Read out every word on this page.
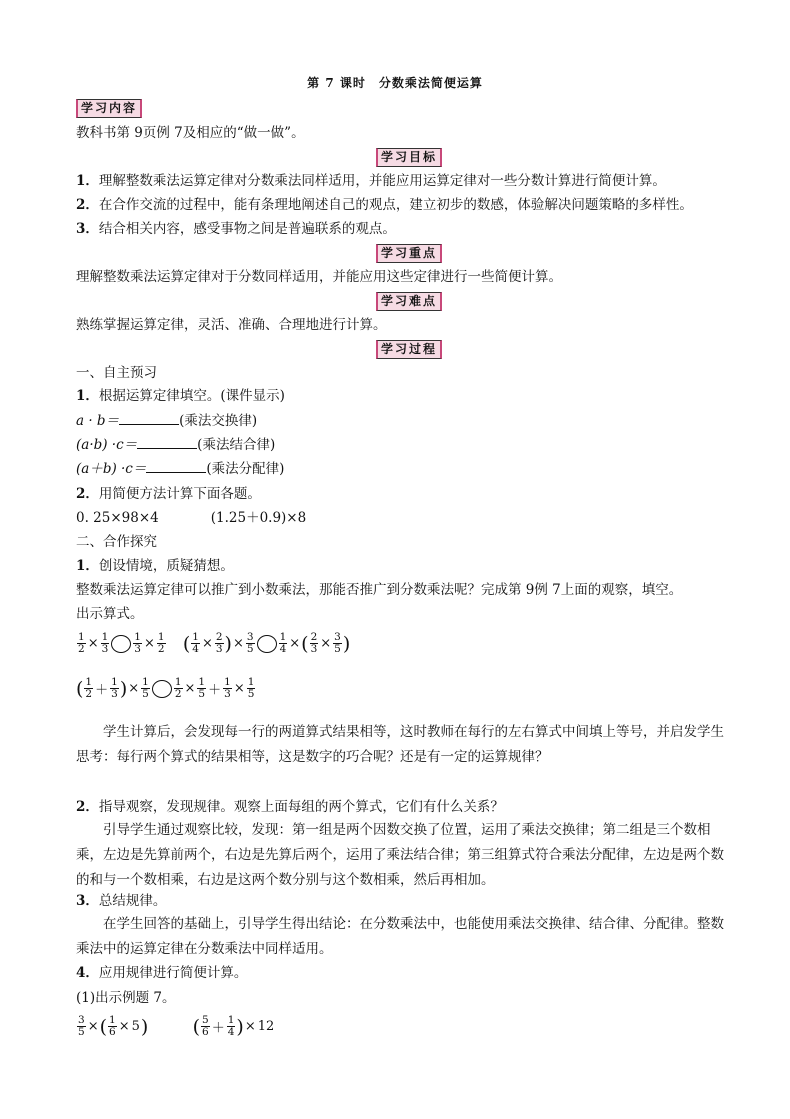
第 7 课时　分数乘法简便运算
学习内容
教科书第 9页例 7及相应的“做一做”。
学习目标
1．理解整数乘法运算定律对分数乘法同样适用，并能应用运算定律对一些分数计算进行简便计算。
2．在合作交流的过程中，能有条理地阐述自己的观点，建立初步的数感，体验解决问题策略的多样性。
3．结合相关内容，感受事物之间是普遍联系的观点。
学习重点
理解整数乘法运算定律对于分数同样适用，并能应用这些定律进行一些简便计算。
学习难点
熟练掌握运算定律，灵活、准确、合理地进行计算。
学习过程
一、自主预习
1．根据运算定律填空。(课件显示)
a · b＝	(乘法交换律)
(a·b) ·c＝	(乘法结合律)
(a＋b) ·c＝	(乘法分配律)
2．用简便方法计算下面各题。
0. 25×98×4	(1.25＋0.9)×8
二、合作探究
1．创设情境，质疑猜想。
整数乘法运算定律可以推广到小数乘法，那能否推广到分数乘法呢？完成第 9例 7上面的观察，填空。
出示算式。
$\frac{1}{2} \times \frac{1}{3} \frac{1}{3} \times \frac{1}{2}$ ( $\frac{1}{4} \times \frac{2}{3}$ )× $\frac{3}{5} \frac{1}{4}$ ×( $\frac{2}{3} \times \frac{3}{5}$ )
( $\frac{1}{2} + \frac{1}{3}$ )× $\frac{1}{5} \frac{1}{2} \times \frac{1}{5} + \frac{1}{3} \times \frac{1}{5}$
学生计算后，会发现每一行的两道算式结果相等，这时教师在每行的左右算式中间填上等号，并启发学生思考：每行两个算式的结果相等，这是数字的巧合呢？还是有一定的运算规律？
2．指导观察，发现规律。观察上面每组的两个算式，它们有什么关系？
引导学生通过观察比较，发现：第一组是两个因数交换了位置，运用了乘法交换律；第二组是三个数相乘，左边是先算前两个，右边是先算后两个，运用了乘法结合律；第三组算式符合乘法分配律，左边是两个数的和与一个数相乘，右边是这两个数分别与这个数相乘，然后再相加。
3．总结规律。
在学生回答的基础上，引导学生得出结论：在分数乘法中，也能使用乘法交换律、结合律、分配律。整数乘法中的运算定律在分数乘法中同样适用。
4．应用规律进行简便计算。
(1)出示例题 7。
$\frac{3}{5}$ ×( $\frac{1}{6} \times 5$) ( $\frac{5}{6} + \frac{1}{4}$ )× 12
